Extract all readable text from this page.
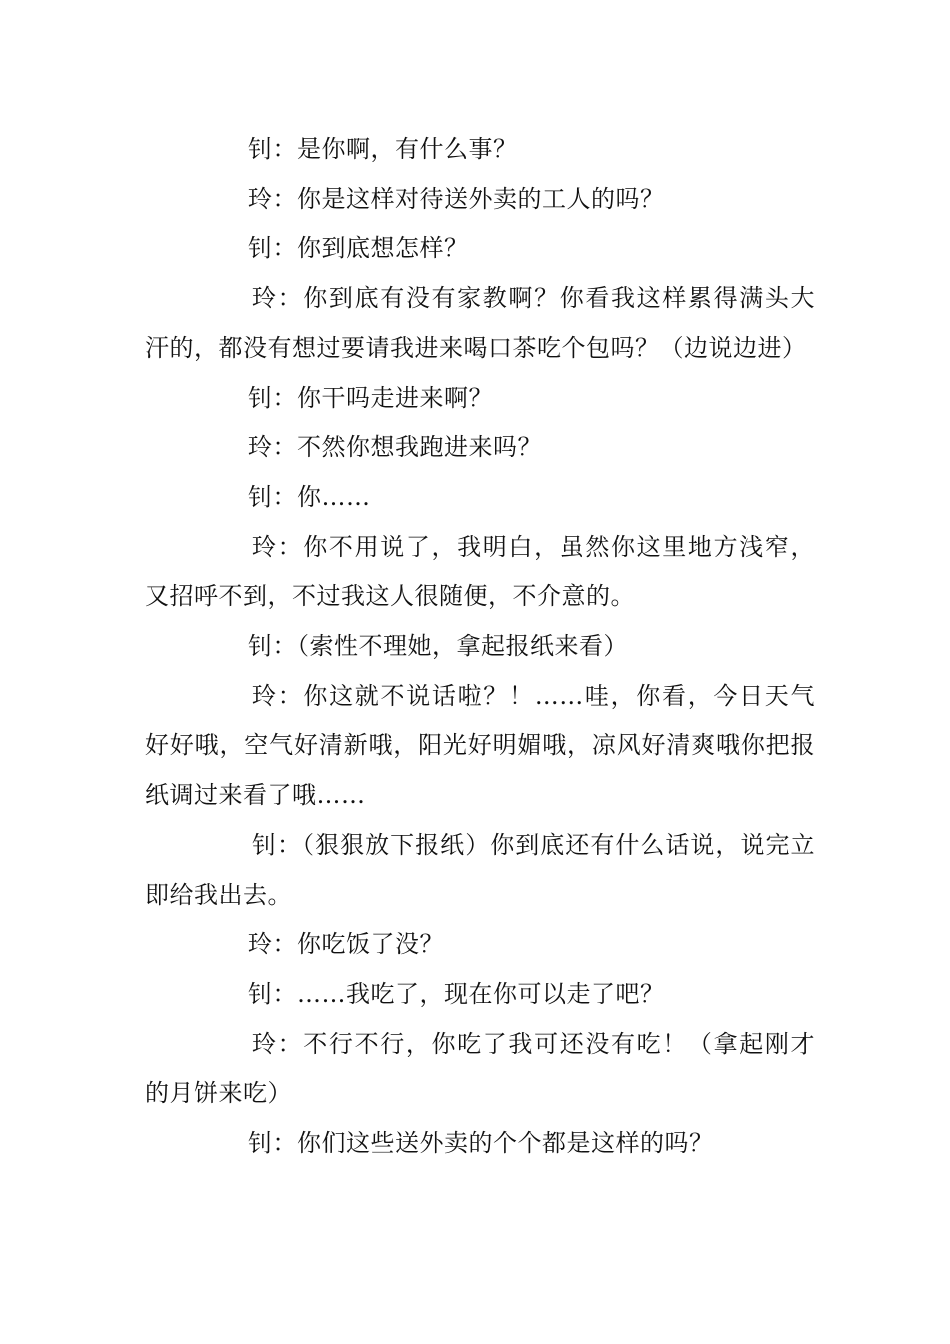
钊：是你啊，有什么事？

玲：你是这样对待送外卖的工人的吗？

钊：你到底想怎样？

玲：你到底有没有家教啊？你看我这样累得满头大汗的，都没有想过要请我进来喝口茶吃个包吗？（边说边进）

钊：你干吗走进来啊？

玲：不然你想我跑进来吗？

钊：你……

玲：你不用说了，我明白，虽然你这里地方浅窄，又招呼不到，不过我这人很随便，不介意的。

钊：（索性不理她，拿起报纸来看）

玲：你这就不说话啦？！……哇，你看，今日天气好好哦，空气好清新哦，阳光好明媚哦，凉风好清爽哦你把报纸调过来看了哦……

钊：（狠狠放下报纸）你到底还有什么话说，说完立即给我出去。

玲：你吃饭了没？

钊：……我吃了，现在你可以走了吧？

玲：不行不行，你吃了我可还没有吃！（拿起刚才的月饼来吃）

钊：你们这些送外卖的个个都是这样的吗？
